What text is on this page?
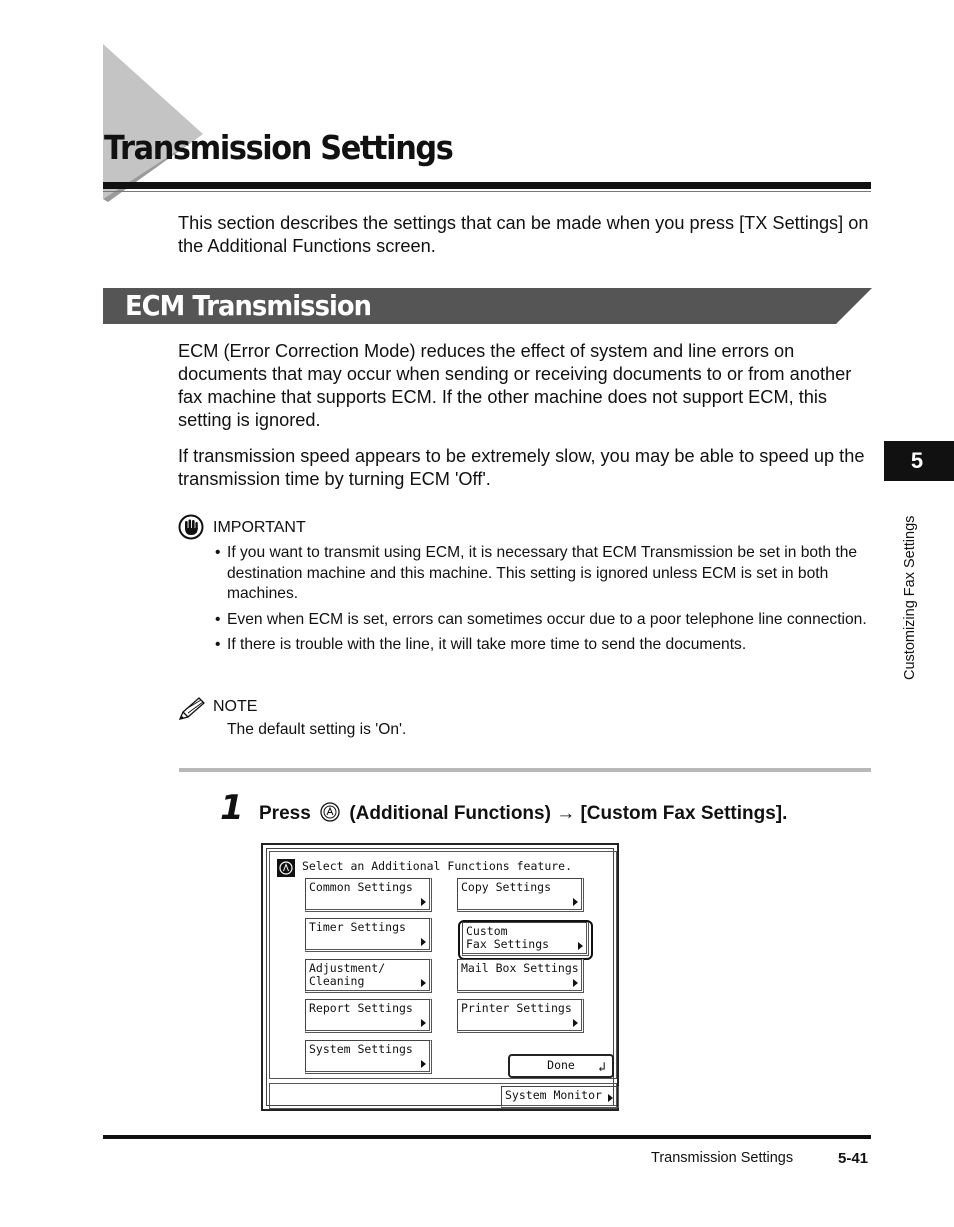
Transmission Settings

This section describes the settings that can be made when you press [TX Settings] on the Additional Functions screen.

ECM Transmission

ECM (Error Correction Mode) reduces the effect of system and line errors on documents that may occur when sending or receiving documents to or from another fax machine that supports ECM. If the other machine does not support ECM, this setting is ignored.

If transmission speed appears to be extremely slow, you may be able to speed up the transmission time by turning ECM 'Off'.

IMPORTANT
• If you want to transmit using ECM, it is necessary that ECM Transmission be set in both the destination machine and this machine. This setting is ignored unless ECM is set in both machines.
• Even when ECM is set, errors can sometimes occur due to a poor telephone line connection.
• If there is trouble with the line, it will take more time to send the documents.
NOTE
The default setting is 'On'.
1 Press (Additional Functions) → [Custom Fax Settings].
Select an Additional Functions feature.
Common Settings	Copy Settings
Timer Settings	Custom
Fax Settings
Adjustment/
Cleaning
Mail Box Settings
Report Settings	Printer Settings
System Settings
Done ↲
System Monitor
Transmission Settings	5-41
5
Customizing Fax Settings
